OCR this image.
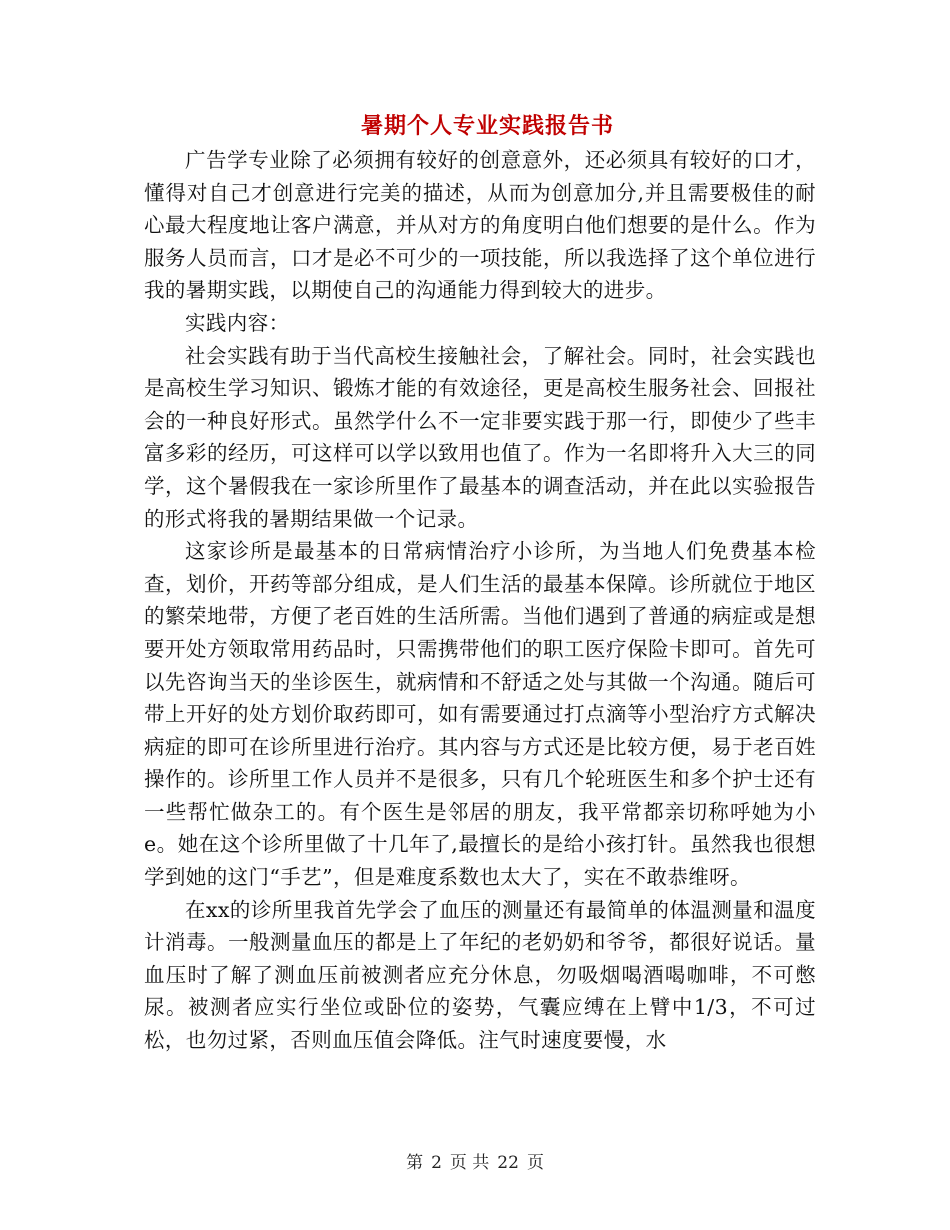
暑期个人专业实践报告书

广告学专业除了必须拥有较好的创意意外，还必须具有较好的口才，懂得对自己才创意进行完美的描述，从而为创意加分,并且需要极佳的耐心最大程度地让客户满意，并从对方的角度明白他们想要的是什么。作为服务人员而言，口才是必不可少的一项技能，所以我选择了这个单位进行我的暑期实践，以期使自己的沟通能力得到较大的进步。

实践内容：

社会实践有助于当代高校生接触社会，了解社会。同时，社会实践也是高校生学习知识、锻炼才能的有效途径，更是高校生服务社会、回报社会的一种良好形式。虽然学什么不一定非要实践于那一行，即使少了些丰富多彩的经历，可这样可以学以致用也值了。作为一名即将升入大三的同学，这个暑假我在一家诊所里作了最基本的调查活动，并在此以实验报告的形式将我的暑期结果做一个记录。

这家诊所是最基本的日常病情治疗小诊所，为当地人们免费基本检查，划价，开药等部分组成，是人们生活的最基本保障。诊所就位于地区的繁荣地带，方便了老百姓的生活所需。当他们遇到了普通的病症或是想要开处方领取常用药品时，只需携带他们的职工医疗保险卡即可。首先可以先咨询当天的坐诊医生，就病情和不舒适之处与其做一个沟通。随后可带上开好的处方划价取药即可，如有需要通过打点滴等小型治疗方式解决病症的即可在诊所里进行治疗。其内容与方式还是比较方便，易于老百姓操作的。诊所里工作人员并不是很多，只有几个轮班医生和多个护士还有一些帮忙做杂工的。有个医生是邻居的朋友，我平常都亲切称呼她为小e。她在这个诊所里做了十几年了,最擅长的是给小孩打针。虽然我也很想学到她的这门“手艺”，但是难度系数也太大了，实在不敢恭维呀。

在xx的诊所里我首先学会了血压的测量还有最简单的体温测量和温度计消毒。一般测量血压的都是上了年纪的老奶奶和爷爷，都很好说话。量血压时了解了测血压前被测者应充分休息，勿吸烟喝酒喝咖啡，不可憋尿。被测者应实行坐位或卧位的姿势，气囊应缚在上臂中1/3，不可过松，也勿过紧，否则血压值会降低。注气时速度要慢，水

第 2 页 共 22 页
